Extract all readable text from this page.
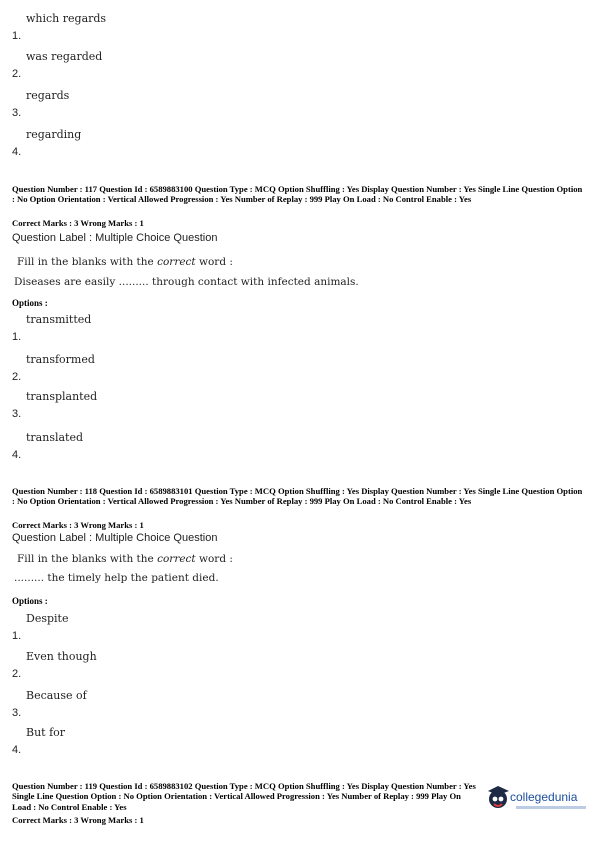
1.
which regards
2.
was regarded
3.
regards
4.
regarding
Question Number : 117 Question Id : 6589883100 Question Type : MCQ Option Shuffling : Yes Display Question Number : Yes Single Line Question Option : No Option Orientation : Vertical Allowed Progression : Yes Number of Replay : 999 Play On Load : No Control Enable : Yes
Correct Marks : 3 Wrong Marks : 1
Question Label : Multiple Choice Question
Fill in the blanks with the correct word :
Diseases are easily ......... through contact with infected animals.
Options :
1.
transmitted
2.
transformed
3.
transplanted
4.
translated
Question Number : 118 Question Id : 6589883101 Question Type : MCQ Option Shuffling : Yes Display Question Number : Yes Single Line Question Option : No Option Orientation : Vertical Allowed Progression : Yes Number of Replay : 999 Play On Load : No Control Enable : Yes
Correct Marks : 3 Wrong Marks : 1
Question Label : Multiple Choice Question
Fill in the blanks with the correct word :
......... the timely help the patient died.
Options :
1.
Despite
2.
Even though
3.
Because of
4.
But for
Question Number : 119 Question Id : 6589883102 Question Type : MCQ Option Shuffling : Yes Display Question Number : Yes Single Line Question Option : No Option Orientation : Vertical Allowed Progression : Yes Number of Replay : 999 Play On Load : No Control Enable : Yes
Correct Marks : 3 Wrong Marks : 1
collegedunia
